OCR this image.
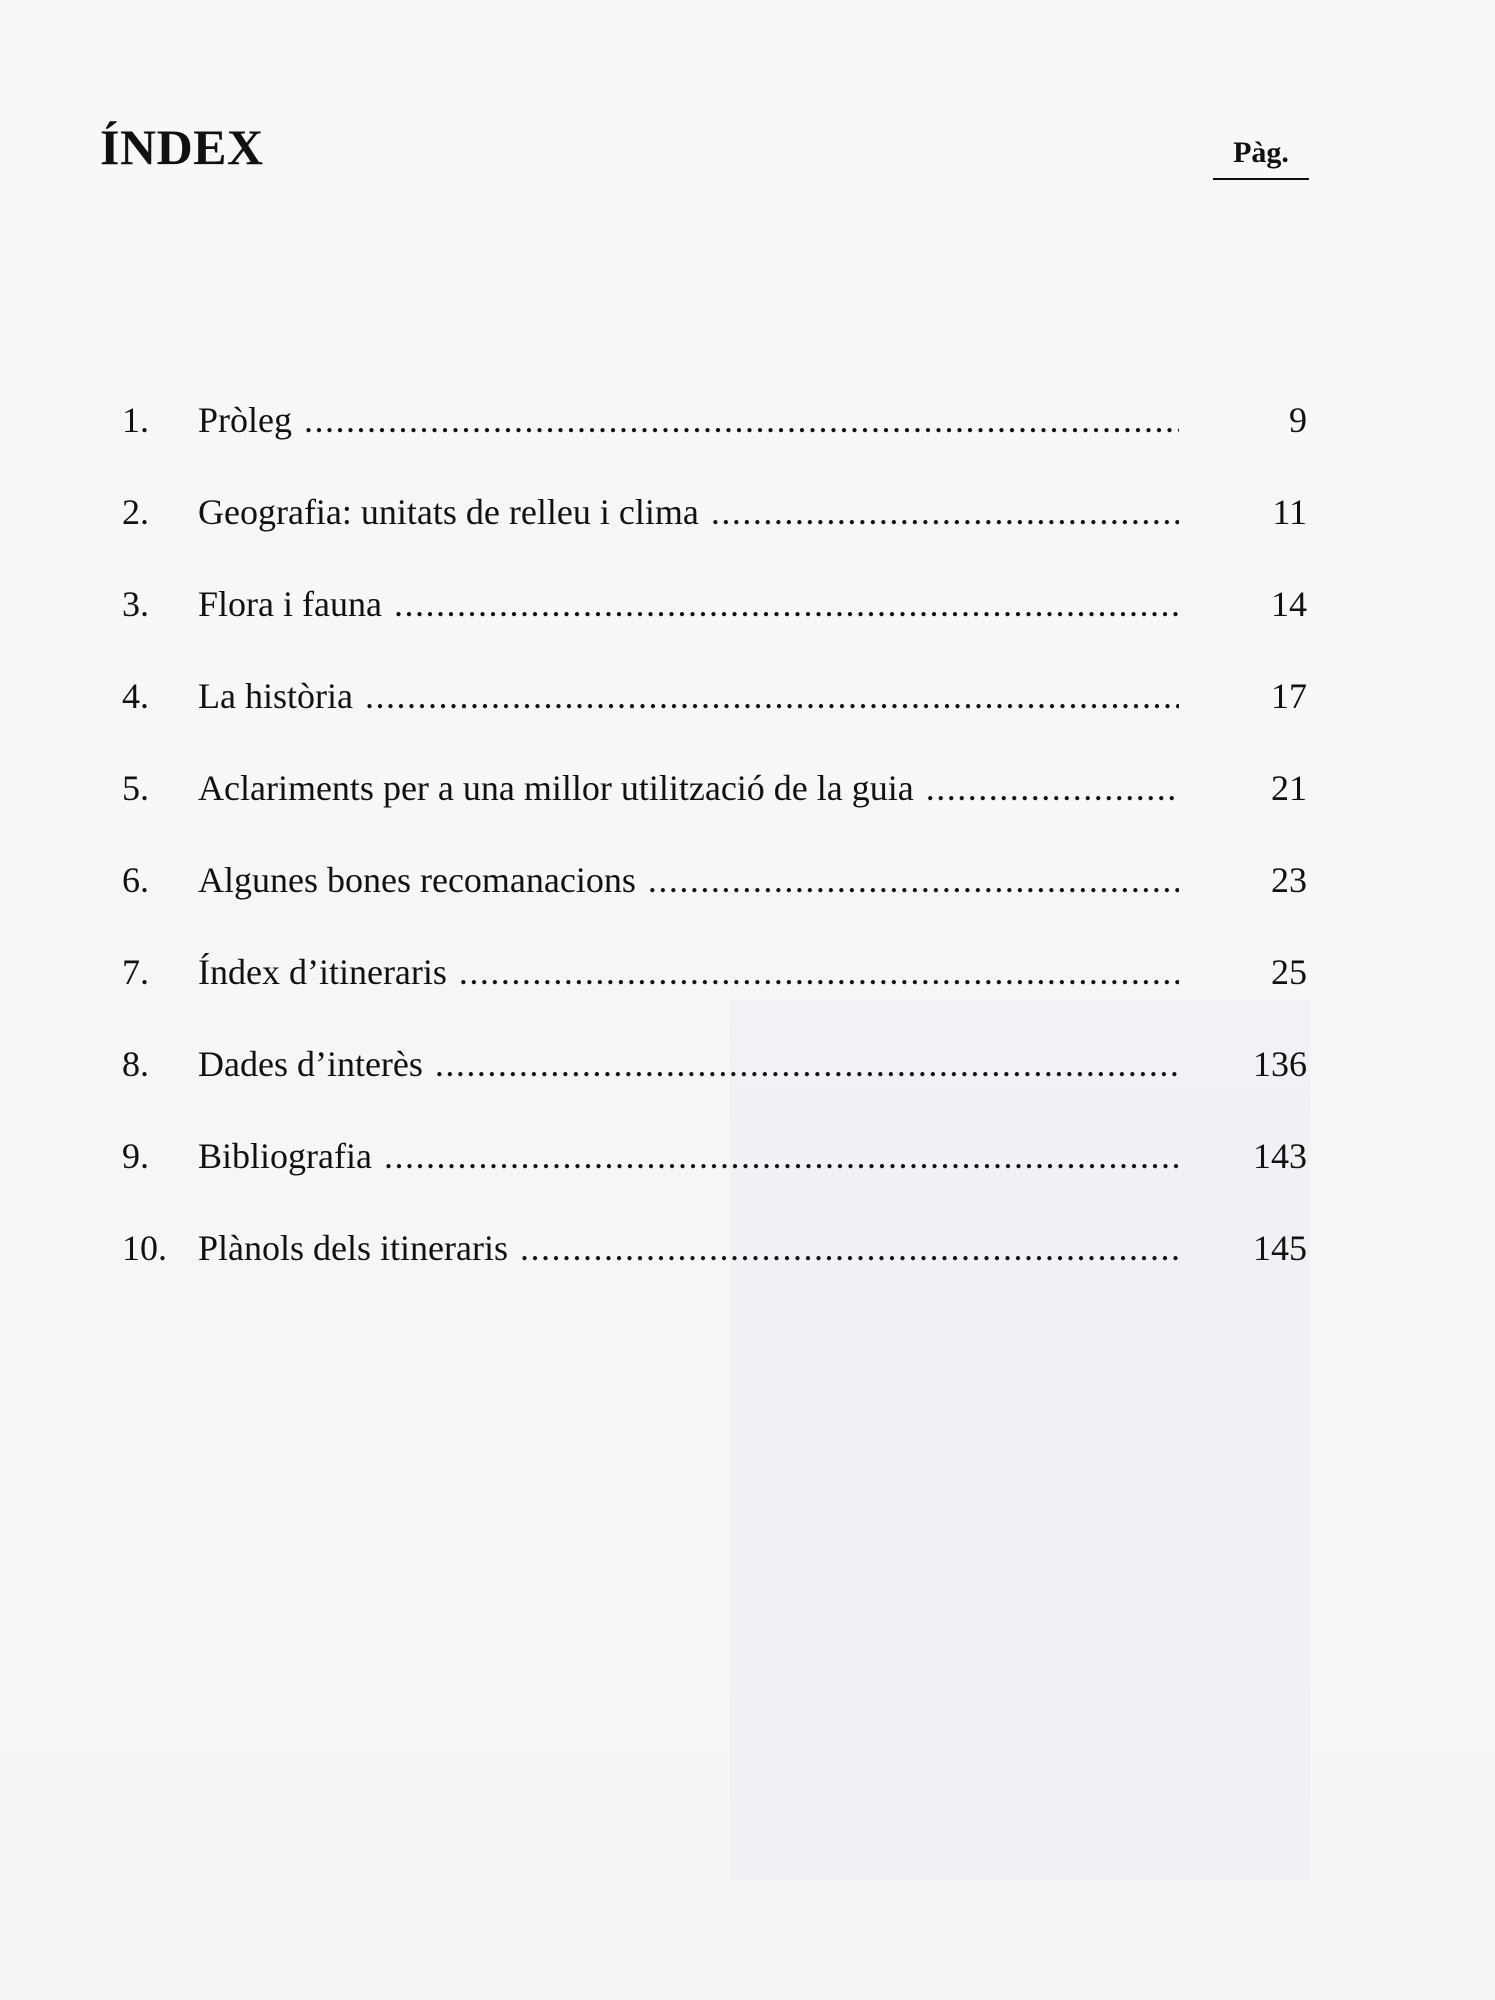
ÍNDEX	Pàg.
1.	Pròleg .....	9
2.	Geografia: unitats de relleu i clima .....	11
3.	Flora i fauna .....	14
4.	La història .....	17
5.	Aclariments per a una millor utilització de la guia .....	21
6.	Algunes bones recomanacions .....	23
7.	Índex d’itineraris .....	25
8.	Dades d’interès .....	136
9.	Bibliografia .....	143
10. Plànols dels itineraris .....	145
